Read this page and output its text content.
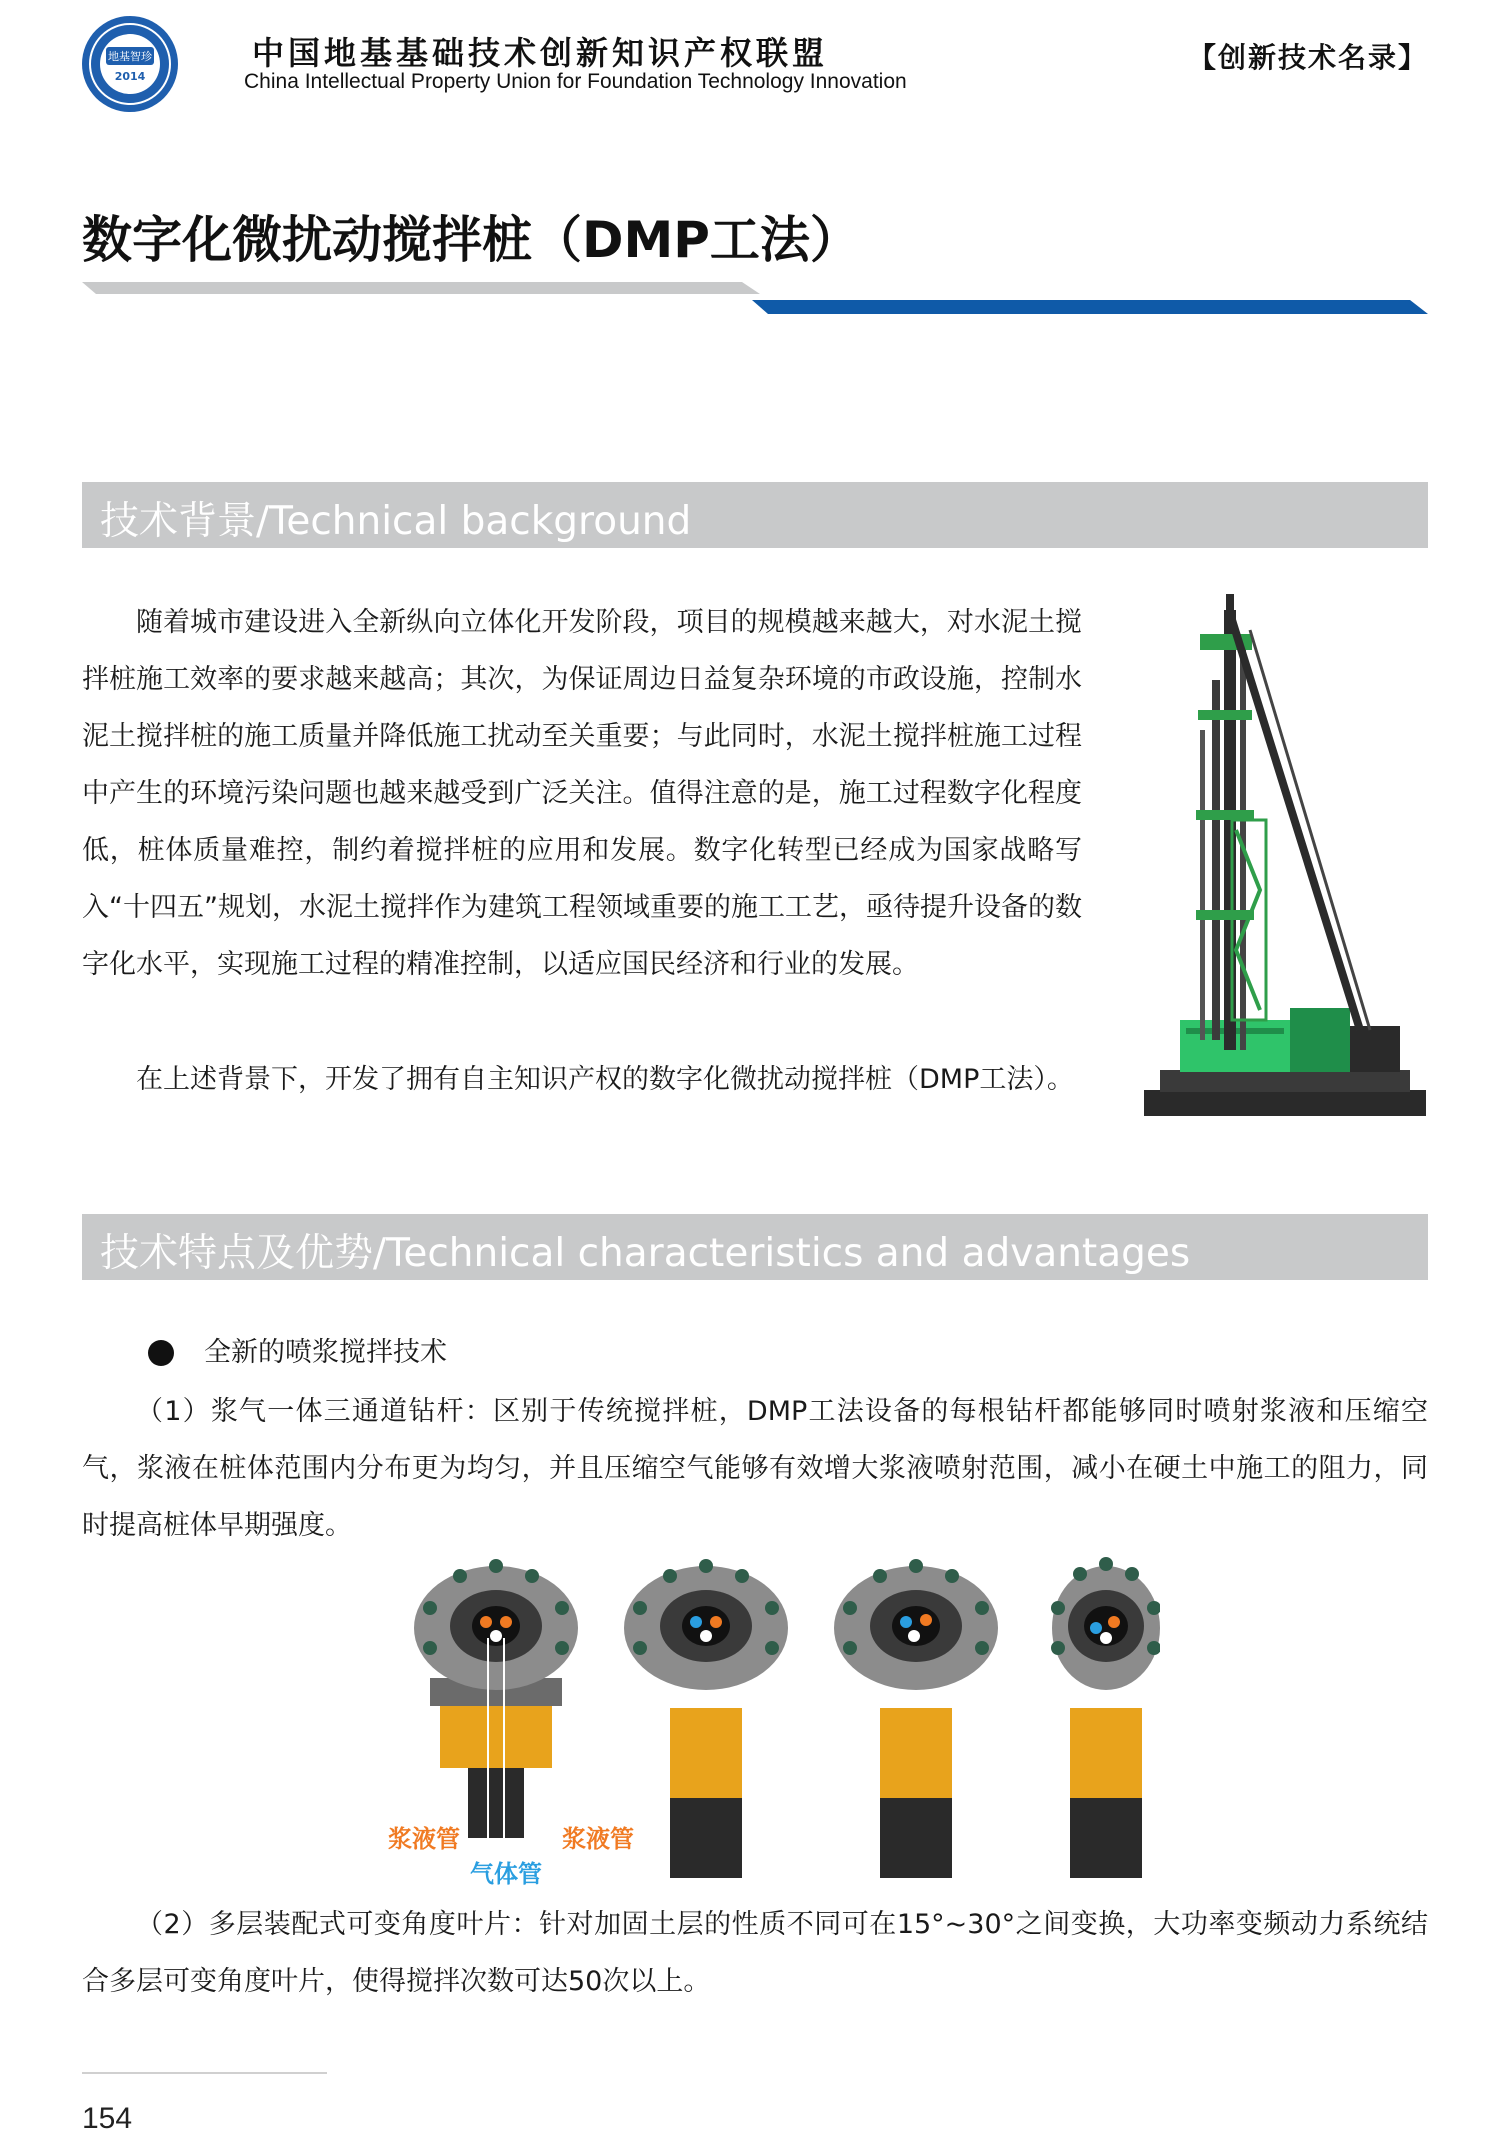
地基智珍
2014
中国地基基础技术创新知识产权联盟
China Intellectual Property Union for Foundation Technology Innovation
【创新技术名录】
数字化微扰动搅拌桩（DMP工法）
技术背景/Technical background
随着城市建设进入全新纵向立体化开发阶段，项目的规模越来越大，对水泥土搅拌桩施工效率的要求越来越高；其次，为保证周边日益复杂环境的市政设施，控制水泥土搅拌桩的施工质量并降低施工扰动至关重要；与此同时，水泥土搅拌桩施工过程中产生的环境污染问题也越来越受到广泛关注。值得注意的是，施工过程数字化程度低，桩体质量难控，制约着搅拌桩的应用和发展。数字化转型已经成为国家战略写入“十四五”规划，水泥土搅拌作为建筑工程领域重要的施工工艺，亟待提升设备的数字化水平，实现施工过程的精准控制，以适应国民经济和行业的发展。
在上述背景下，开发了拥有自主知识产权的数字化微扰动搅拌桩（DMP工法）。
技术特点及优势/Technical characteristics and advantages
全新的喷浆搅拌技术
（1）浆气一体三通道钻杆：区别于传统搅拌桩，DMP工法设备的每根钻杆都能够同时喷射浆液和压缩空气，浆液在桩体范围内分布更为均匀，并且压缩空气能够有效增大浆液喷射范围，减小在硬土中施工的阻力，同时提高桩体早期强度。
浆液管	浆液管
气体管
（2）多层装配式可变角度叶片：针对加固土层的性质不同可在15°~30°之间变换，大功率变频动力系统结合多层可变角度叶片，使得搅拌次数可达50次以上。
154
